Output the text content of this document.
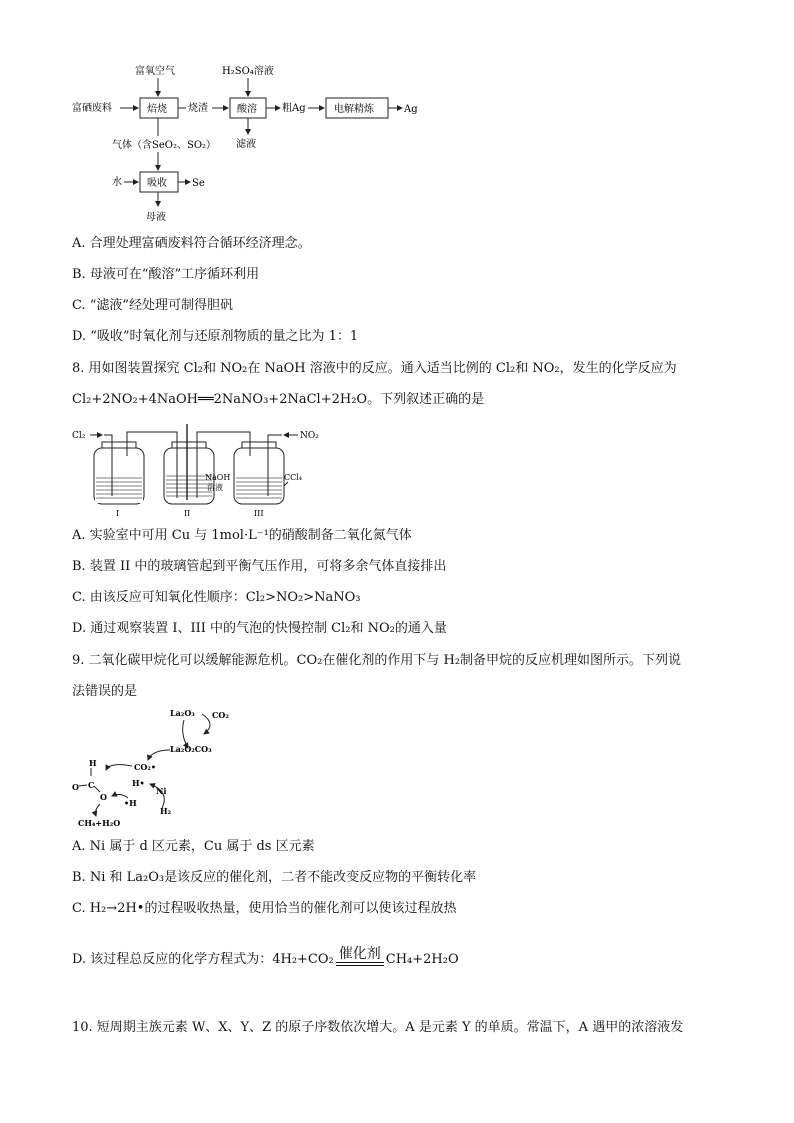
富氧空气	H₂SO₄溶液
富硒废料	焙烧 烧渣	酸溶	粗Ag	电解精炼	Ag
滤液
气体（含SeO₂、SO₂）
水	吸收	Se
母液
A. 合理处理富硒废料符合循环经济理念。
B. 母液可在“酸溶”工序循环利用
C. “滤液”经处理可制得胆矾
D. “吸收”时氧化剂与还原剂物质的量之比为 1：1
8. 用如图装置探究 Cl₂和 NO₂在 NaOH 溶液中的反应。通入适当比例的 Cl₂和 NO₂，发生的化学反应为
Cl₂+2NO₂+4NaOH══2NaNO₃+2NaCl+2H₂O。下列叙述正确的是
Cl₂	NO₂
I	II
NaOH
溶液
CCl₄
III
A. 实验室中可用 Cu 与 1mol·L⁻¹的硝酸制备二氧化氮气体
B. 装置 II 中的玻璃管起到平衡气压作用，可将多余气体直接排出
C. 由该反应可知氧化性顺序：Cl₂>NO₂>NaNO₃
D. 通过观察装置 I、III 中的气泡的快慢控制 Cl₂和 NO₂的通入量
9. 二氧化碳甲烷化可以缓解能源危机。CO₂在催化剂的作用下与 H₂制备甲烷的反应机理如图所示。下列说
法错误的是
La₂O₃ CO₂
La₂O₂CO₃
CO₂•
H•
Ni
H₂
H
O C
O
•H
CH₄+H₂O
A. Ni 属于 d 区元素，Cu 属于 ds 区元素
B. Ni 和 La₂O₃是该反应的催化剂，二者不能改变反应物的平衡转化率
C. H₂→2H•的过程吸收热量，使用恰当的催化剂可以使该过程放热
D. 该过程总反应的化学方程式为：4H₂+CO₂ 催化剂 CH₄+2H₂O
10. 短周期主族元素 W、X、Y、Z 的原子序数依次增大。A 是元素 Y 的单质。常温下，A 遇甲的浓溶液发
